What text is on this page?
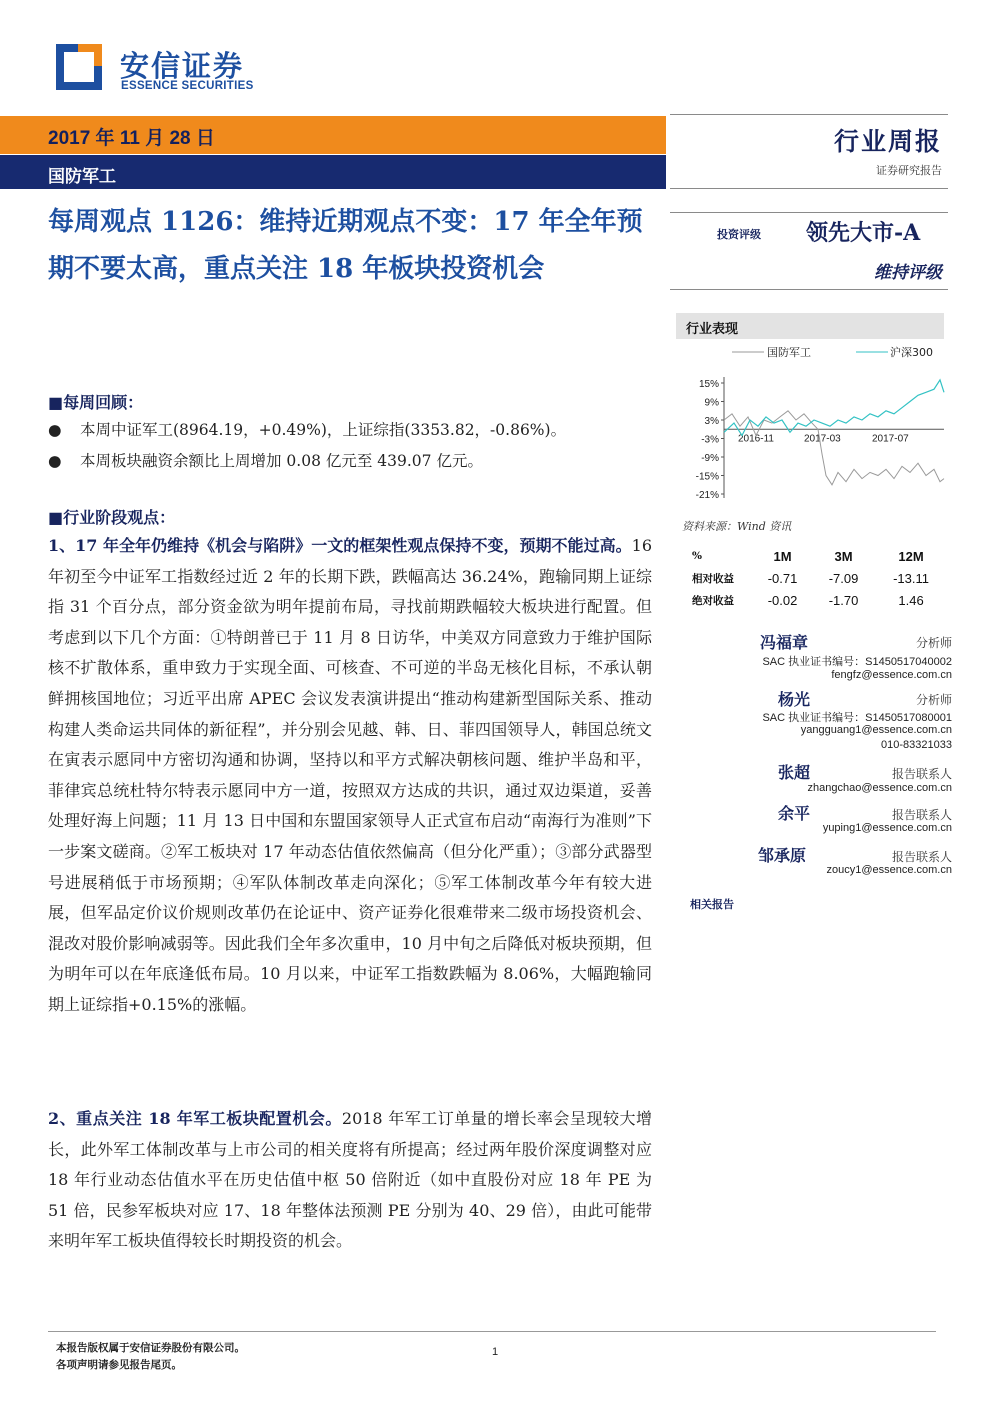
安信证券
ESSENCE SECURITIES
2017 年 11 月 28 日
国防军工
行业周报
证券研究报告
每周观点 1126：维持近期观点不变：17 年全年预期不要太高，重点关注 18 年板块投资机会
投资评级 领先大市-A
维持评级
行业表现
国防军工	沪深300
15%
9%
3%
-3%
-9%
-15%
-21%
2016-11	2017-03	2017-07
资料来源：Wind 资讯
%	1M	3M	12M
相对收益	-0.71	-7.09	-13.11
绝对收益	-0.02	-1.70	1.46
冯福章	分析师
SAC 执业证书编号：S1450517040002
fengfz@essence.com.cn
杨光	分析师
SAC 执业证书编号：S1450517080001
yangguang1@essence.com.cn
010-83321033
张超	报告联系人
zhangchao@essence.com.cn
余平	报告联系人
yuping1@essence.com.cn
邹承原	报告联系人
zoucy1@essence.com.cn
相关报告
■每周回顾：
● 本周中证军工(8964.19，+0.49%)，上证综指(3353.82，-0.86%)。
● 本周板块融资余额比上周增加 0.08 亿元至 439.07 亿元。
■行业阶段观点：
1、17 年全年仍维持《机会与陷阱》一文的框架性观点保持不变，预期不能过高。16 年初至今中证军工指数经过近 2 年的长期下跌，跌幅高达 36.24%，跑输同期上证综指 31 个百分点，部分资金欲为明年提前布局，寻找前期跌幅较大板块进行配置。但考虑到以下几个方面：①特朗普已于 11 月 8 日访华，中美双方同意致力于维护国际核不扩散体系，重申致力于实现全面、可核查、不可逆的半岛无核化目标，不承认朝鲜拥核国地位；习近平出席 APEC 会议发表演讲提出“推动构建新型国际关系、推动构建人类命运共同体的新征程”，并分别会见越、韩、日、菲四国领导人，韩国总统文在寅表示愿同中方密切沟通和协调，坚持以和平方式解决朝核问题、维护半岛和平，菲律宾总统杜特尔特表示愿同中方一道，按照双方达成的共识，通过双边渠道，妥善处理好海上问题；11 月 13 日中国和东盟国家领导人正式宣布启动“南海行为准则”下一步案文磋商。②军工板块对 17 年动态估值依然偏高（但分化严重）；③部分武器型号进展稍低于市场预期；④军队体制改革走向深化；⑤军工体制改革今年有较大进展，但军品定价议价规则改革仍在论证中、资产证券化很难带来二级市场投资机会、混改对股价影响减弱等。因此我们全年多次重申，10 月中旬之后降低对板块预期，但为明年可以在年底逢低布局。10 月以来，中证军工指数跌幅为 8.06%，大幅跑输同期上证综指+0.15%的涨幅。
2、重点关注 18 年军工板块配置机会。2018 年军工订单量的增长率会呈现较大增长，此外军工体制改革与上市公司的相关度将有所提高；经过两年股价深度调整对应 18 年行业动态估值水平在历史估值中枢 50 倍附近（如中直股份对应 18 年 PE 为 51 倍，民参军板块对应 17、18 年整体法预测 PE 分别为 40、29 倍），由此可能带来明年军工板块值得较长时期投资的机会。
本报告版权属于安信证券股份有限公司。
各项声明请参见报告尾页。
1
